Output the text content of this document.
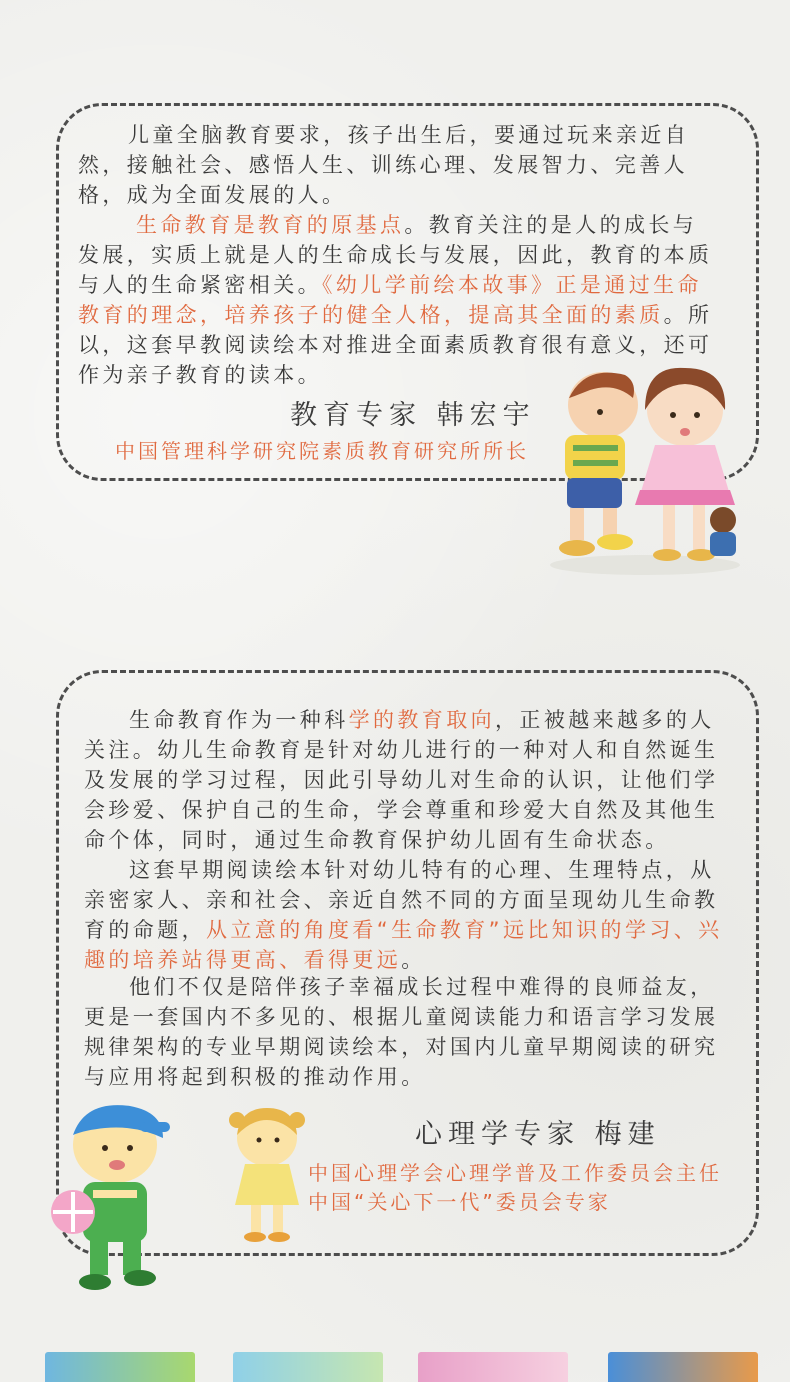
儿童全脑教育要求，孩子出生后，要通过玩来亲近自然，接触社会、感悟人生、训练心理、发展智力、完善人格，成为全面发展的人。

生命教育是教育的原基点。教育关注的是人的成长与发展，实质上就是人的生命成长与发展，因此，教育的本质与人的生命紧密相关。《幼儿学前绘本故事》正是通过生命教育的理念，培养孩子的健全人格，提高其全面的素质。所以，这套早教阅读绘本对推进全面素质教育很有意义，还可作为亲子教育的读本。

教育专家 韩宏宇

中国管理科学研究院素质教育研究所所长

生命教育作为一种科学的教育取向，正被越来越多的人关注。幼儿生命教育是针对幼儿进行的一种对人和自然诞生及发展的学习过程，因此引导幼儿对生命的认识，让他们学会珍爱、保护自己的生命，学会尊重和珍爱大自然及其他生命个体，同时，通过生命教育保护幼儿固有生命状态。

这套早期阅读绘本针对幼儿特有的心理、生理特点，从亲密家人、亲和社会、亲近自然不同的方面呈现幼儿生命教育的命题，从立意的角度看“生命教育”远比知识的学习、兴趣的培养站得更高、看得更远。

他们不仅是陪伴孩子幸福成长过程中难得的良师益友，更是一套国内不多见的、根据儿童阅读能力和语言学习发展规律架构的专业早期阅读绘本，对国内儿童早期阅读的研究与应用将起到积极的推动作用。

心理学专家 梅建

中国心理学会心理学普及工作委员会主任

中国“关心下一代”委员会专家
